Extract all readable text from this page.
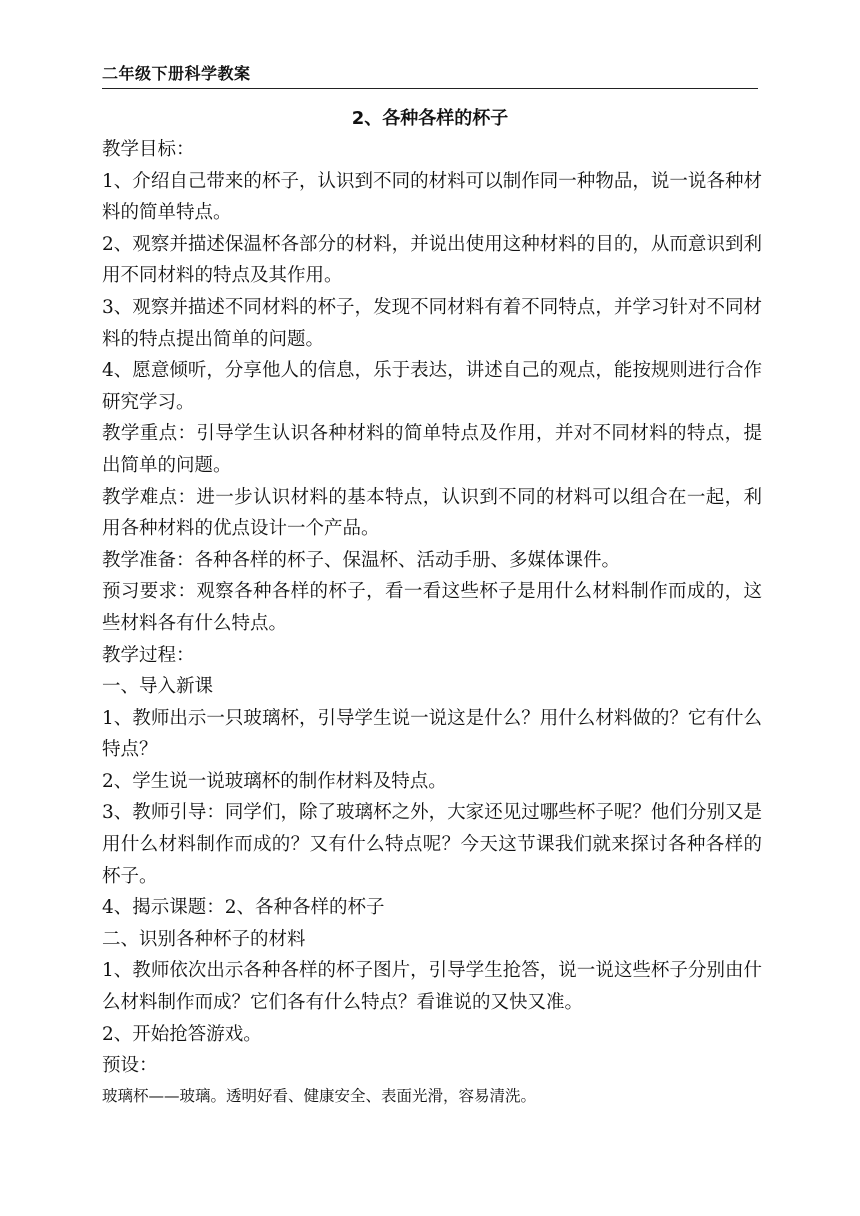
二年级下册科学教案
2、各种各样的杯子

教学目标：

1、介绍自己带来的杯子，认识到不同的材料可以制作同一种物品，说一说各种材料的简单特点。

2、观察并描述保温杯各部分的材料，并说出使用这种材料的目的，从而意识到利用不同材料的特点及其作用。

3、观察并描述不同材料的杯子，发现不同材料有着不同特点，并学习针对不同材料的特点提出简单的问题。

4、愿意倾听，分享他人的信息，乐于表达，讲述自己的观点，能按规则进行合作研究学习。

教学重点：引导学生认识各种材料的简单特点及作用，并对不同材料的特点，提出简单的问题。

教学难点：进一步认识材料的基本特点，认识到不同的材料可以组合在一起，利用各种材料的优点设计一个产品。

教学准备：各种各样的杯子、保温杯、活动手册、多媒体课件。

预习要求：观察各种各样的杯子，看一看这些杯子是用什么材料制作而成的，这些材料各有什么特点。

教学过程：

一、导入新课

1、教师出示一只玻璃杯，引导学生说一说这是什么？用什么材料做的？它有什么特点？

2、学生说一说玻璃杯的制作材料及特点。

3、教师引导：同学们，除了玻璃杯之外，大家还见过哪些杯子呢？他们分别又是用什么材料制作而成的？又有什么特点呢？今天这节课我们就来探讨各种各样的杯子。

4、揭示课题：2、各种各样的杯子

二、识别各种杯子的材料

1、教师依次出示各种各样的杯子图片，引导学生抢答，说一说这些杯子分别由什么材料制作而成？它们各有什么特点？看谁说的又快又准。

2、开始抢答游戏。

预设：

玻璃杯——玻璃。透明好看、健康安全、表面光滑，容易清洗。
